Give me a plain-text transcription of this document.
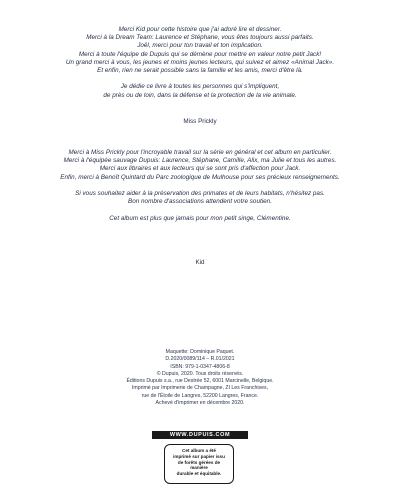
Merci Kid pour cette histoire que j'ai adoré lire et dessiner.
Merci à la Dream Team: Laurence et Stéphane, vous êtes toujours aussi parfaits.
Joël, merci pour ton travail et ton implication.
Merci à toute l'équipe de Dupuis qui se démène pour mettre en valeur notre petit Jack!
Un grand merci à vous, les jeunes et moins jeunes lecteurs, qui suivez et aimez «Animal Jack».
Et enfin, rien ne serait possible sans la famille et les amis, merci d'être là.
Je dédie ce livre à toutes les personnes qui s'impliquent,
de près ou de loin, dans la défense et la protection de la vie animale.
Miss Prickly
Merci à Miss Prickly pour l'incroyable travail sur la série en général et cet album en particulier.
Merci à l'équipée sauvage Dupuis: Laurence, Stéphane, Camille, Alix, ma Julie et tous les autres.
Merci aux libraires et aux lecteurs qui se sont pris d'affection pour Jack.
Enfin, merci à Benoît Quintard du Parc zoologique de Mulhouse pour ses précieux renseignements.
Si vous souhaitez aider à la préservation des primates et de leurs habitats, n'hésitez pas.
Bon nombre d'associations attendent votre soutien.
Cet album est plus que jamais pour mon petit singe, Clémentine.
Kid
Maquette: Dominique Paquet.
D.2020/0089/114 – R.01/2021
ISBN: 979-1-0347-4806-8
© Dupuis, 2020. Tous droits réservés.
Éditions Dupuis s.a., rue Destrée 52, 6001 Marcinelle, Belgique.
Imprimé par Imprimerie de Champagne, ZI Les Franchises,
rue de l'Étoile de Langres, 52200 Langres, France.
Achevé d'imprimer en décembre 2020.
WWW.DUPUIS.COM
Cet album a été
imprimé sur papier issu
de forêts gérées de
manière
durable et équitable.
